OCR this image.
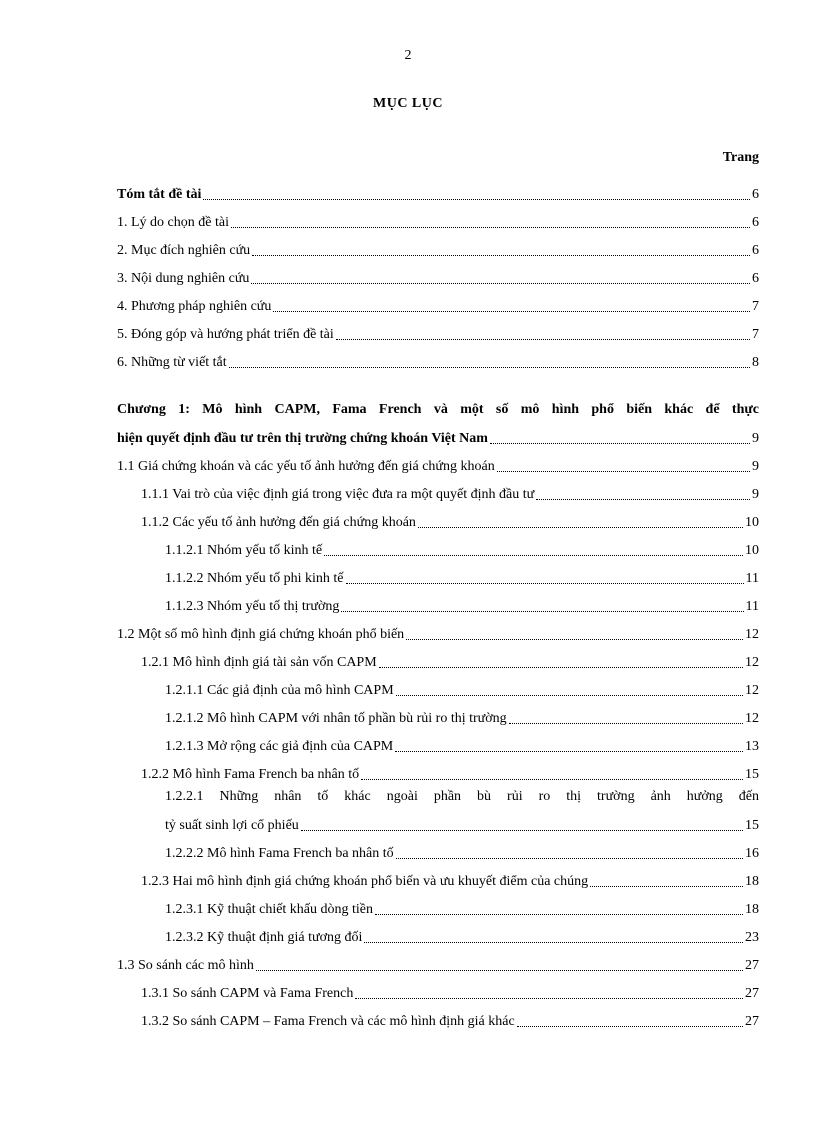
2
MỤC LỤC
Trang
Tóm tắt đề tài	6
1. Lý do chọn đề tài	6
2. Mục đích nghiên cứu	6
3. Nội dung nghiên cứu	6
4. Phương pháp nghiên cứu	7
5. Đóng góp và hướng phát triển đề tài	7
6. Những từ viết tắt	8
Chương 1: Mô hình CAPM, Fama French và một số mô hình phổ biến khác để thực
hiện quyết định đầu tư trên thị trường chứng khoán Việt Nam	9
1.1 Giá chứng khoán và các yếu tố ảnh hưởng đến giá chứng khoán	9
1.1.1 Vai trò của việc định giá trong việc đưa ra một quyết định đầu tư	9
1.1.2 Các yếu tố ảnh hưởng đến giá chứng khoán	10
1.1.2.1 Nhóm yếu tố kinh tế	10
1.1.2.2 Nhóm yếu tố phi kinh tế	11
1.1.2.3 Nhóm yếu tố thị trường	11
1.2 Một số mô hình định giá chứng khoán phổ biến	12
1.2.1 Mô hình định giá tài sản vốn CAPM	12
1.2.1.1 Các giả định của mô hình CAPM	12
1.2.1.2 Mô hình CAPM với nhân tố phần bù rủi ro thị trường	12
1.2.1.3 Mở rộng các giả định của CAPM	13
1.2.2 Mô hình Fama French ba nhân tố	15
1.2.2.1 Những nhân tố khác ngoài phần bù rủi ro thị trường ảnh hưởng đến
tỷ suất sinh lợi cổ phiếu	15
1.2.2.2 Mô hình Fama French ba nhân tố	16
1.2.3 Hai mô hình định giá chứng khoán phổ biến và ưu khuyết điểm của chúng	18
1.2.3.1 Kỹ thuật chiết khấu dòng tiền	18
1.2.3.2 Kỹ thuật định giá tương đối	23
1.3 So sánh các mô hình	27
1.3.1 So sánh CAPM và Fama French	27
1.3.2 So sánh CAPM – Fama French và các mô hình định giá khác	27
